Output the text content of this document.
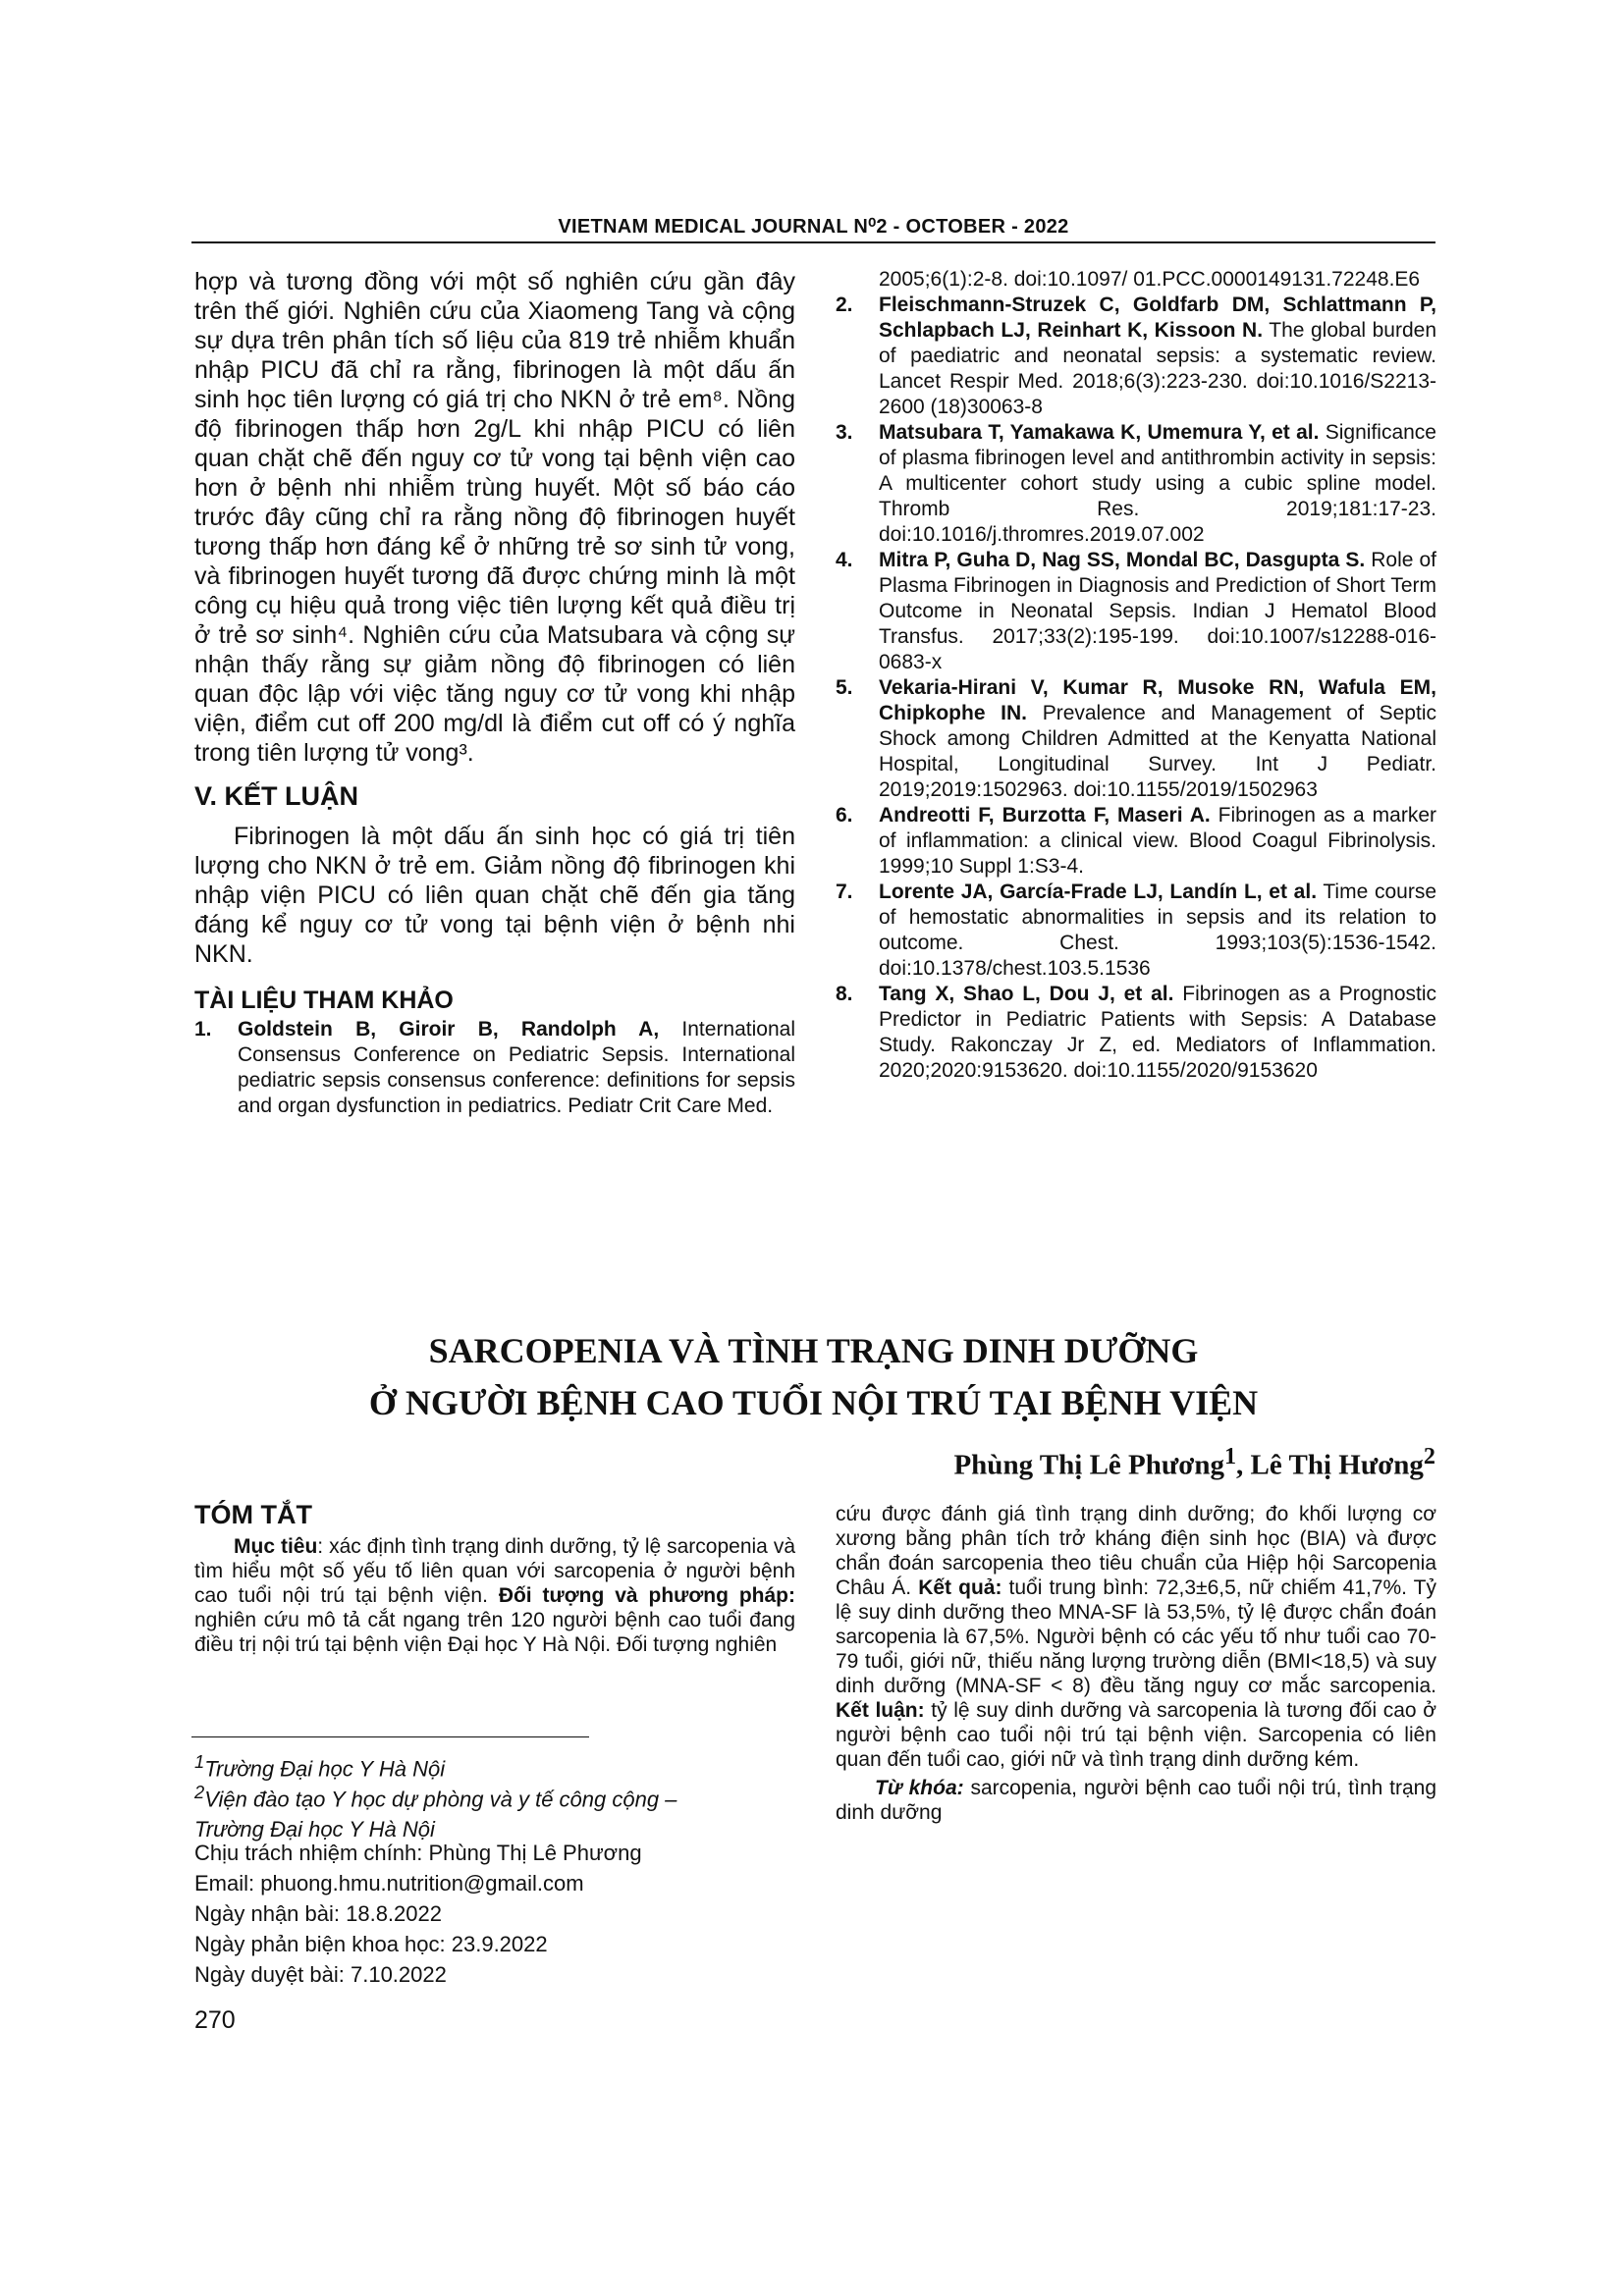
VIETNAM MEDICAL JOURNAL N⁰2 - OCTOBER - 2022

hợp và tương đồng với một số nghiên cứu gần đây trên thế giới. Nghiên cứu của Xiaomeng Tang và cộng sự dựa trên phân tích số liệu của 819 trẻ nhiễm khuẩn nhập PICU đã chỉ ra rằng, fibrinogen là một dấu ấn sinh học tiên lượng có giá trị cho NKN ở trẻ em⁸. Nồng độ fibrinogen thấp hơn 2g/L khi nhập PICU có liên quan chặt chẽ đến nguy cơ tử vong tại bệnh viện cao hơn ở bệnh nhi nhiễm trùng huyết. Một số báo cáo trước đây cũng chỉ ra rằng nồng độ fibrinogen huyết tương thấp hơn đáng kể ở những trẻ sơ sinh tử vong, và fibrinogen huyết tương đã được chứng minh là một công cụ hiệu quả trong việc tiên lượng kết quả điều trị ở trẻ sơ sinh⁴. Nghiên cứu của Matsubara và cộng sự nhận thấy rằng sự giảm nồng độ fibrinogen có liên quan độc lập với việc tăng nguy cơ tử vong khi nhập viện, điểm cut off 200 mg/dl là điểm cut off có ý nghĩa trong tiên lượng tử vong³.

V. KẾT LUẬN

Fibrinogen là một dấu ấn sinh học có giá trị tiên lượng cho NKN ở trẻ em. Giảm nồng độ fibrinogen khi nhập viện PICU có liên quan chặt chẽ đến gia tăng đáng kể nguy cơ tử vong tại bệnh viện ở bệnh nhi NKN.

TÀI LIỆU THAM KHẢO

1. Goldstein B, Giroir B, Randolph A, International Consensus Conference on Pediatric Sepsis. International pediatric sepsis consensus conference: definitions for sepsis and organ dysfunction in pediatrics. Pediatr Crit Care Med.
2005;6(1):2-8. doi:10.1097/ 01.PCC.0000149131.72248.E6
2. Fleischmann-Struzek C, Goldfarb DM, Schlattmann P, Schlapbach LJ, Reinhart K, Kissoon N. The global burden of paediatric and neonatal sepsis: a systematic review. Lancet Respir Med. 2018;6(3):223-230. doi:10.1016/S2213-2600 (18)30063-8
3. Matsubara T, Yamakawa K, Umemura Y, et al. Significance of plasma fibrinogen level and antithrombin activity in sepsis: A multicenter cohort study using a cubic spline model. Thromb Res. 2019;181:17-23. doi:10.1016/j.thromres.2019.07.002
4. Mitra P, Guha D, Nag SS, Mondal BC, Dasgupta S. Role of Plasma Fibrinogen in Diagnosis and Prediction of Short Term Outcome in Neonatal Sepsis. Indian J Hematol Blood Transfus. 2017;33(2):195-199. doi:10.1007/s12288-016-0683-x
5. Vekaria-Hirani V, Kumar R, Musoke RN, Wafula EM, Chipkophe IN. Prevalence and Management of Septic Shock among Children Admitted at the Kenyatta National Hospital, Longitudinal Survey. Int J Pediatr. 2019;2019:1502963. doi:10.1155/2019/1502963
6. Andreotti F, Burzotta F, Maseri A. Fibrinogen as a marker of inflammation: a clinical view. Blood Coagul Fibrinolysis. 1999;10 Suppl 1:S3-4.
7. Lorente JA, García-Frade LJ, Landín L, et al. Time course of hemostatic abnormalities in sepsis and its relation to outcome. Chest. 1993;103(5):1536-1542. doi:10.1378/chest.103.5.1536
8. Tang X, Shao L, Dou J, et al. Fibrinogen as a Prognostic Predictor in Pediatric Patients with Sepsis: A Database Study. Rakonczay Jr Z, ed. Mediators of Inflammation. 2020;2020:9153620. doi:10.1155/2020/9153620
SARCOPENIA VÀ TÌNH TRẠNG DINH DƯỠNG
Ở NGƯỜI BỆNH CAO TUỔI NỘI TRÚ TẠI BỆNH VIỆN
Phùng Thị Lê Phương$^1$, Lê Thị Hương$^2$

TÓM TẮT

Mục tiêu: xác định tình trạng dinh dưỡng, tỷ lệ sarcopenia và tìm hiểu một số yếu tố liên quan với sarcopenia ở người bệnh cao tuổi nội trú tại bệnh viện. Đối tượng và phương pháp: nghiên cứu mô tả cắt ngang trên 120 người bệnh cao tuổi đang điều trị nội trú tại bệnh viện Đại học Y Hà Nội. Đối tượng nghiên

cứu được đánh giá tình trạng dinh dưỡng; đo khối lượng cơ xương bằng phân tích trở kháng điện sinh học (BIA) và được chẩn đoán sarcopenia theo tiêu chuẩn của Hiệp hội Sarcopenia Châu Á. Kết quả: tuổi trung bình: 72,3±6,5, nữ chiếm 41,7%. Tỷ lệ suy dinh dưỡng theo MNA-SF là 53,5%, tỷ lệ được chẩn đoán sarcopenia là 67,5%. Người bệnh có các yếu tố như tuổi cao 70-79 tuổi, giới nữ, thiếu năng lượng trường diễn (BMI<18,5) và suy dinh dưỡng (MNA-SF < 8) đều tăng nguy cơ mắc sarcopenia. Kết luận: tỷ lệ suy dinh dưỡng và sarcopenia là tương đối cao ở người bệnh cao tuổi nội trú tại bệnh viện. Sarcopenia có liên quan đến tuổi cao, giới nữ và tình trạng dinh dưỡng kém.

Từ khóa: sarcopenia, người bệnh cao tuổi nội trú, tình trạng dinh dưỡng

$^1$Trường Đại học Y Hà Nội
$^2$Viện đào tạo Y học dự phòng và y tế công cộng – Trường Đại học Y Hà Nội
Chịu trách nhiệm chính: Phùng Thị Lê Phương
Email: phuong.hmu.nutrition@gmail.com
Ngày nhận bài: 18.8.2022
Ngày phản biện khoa học: 23.9.2022
Ngày duyệt bài: 7.10.2022
270
